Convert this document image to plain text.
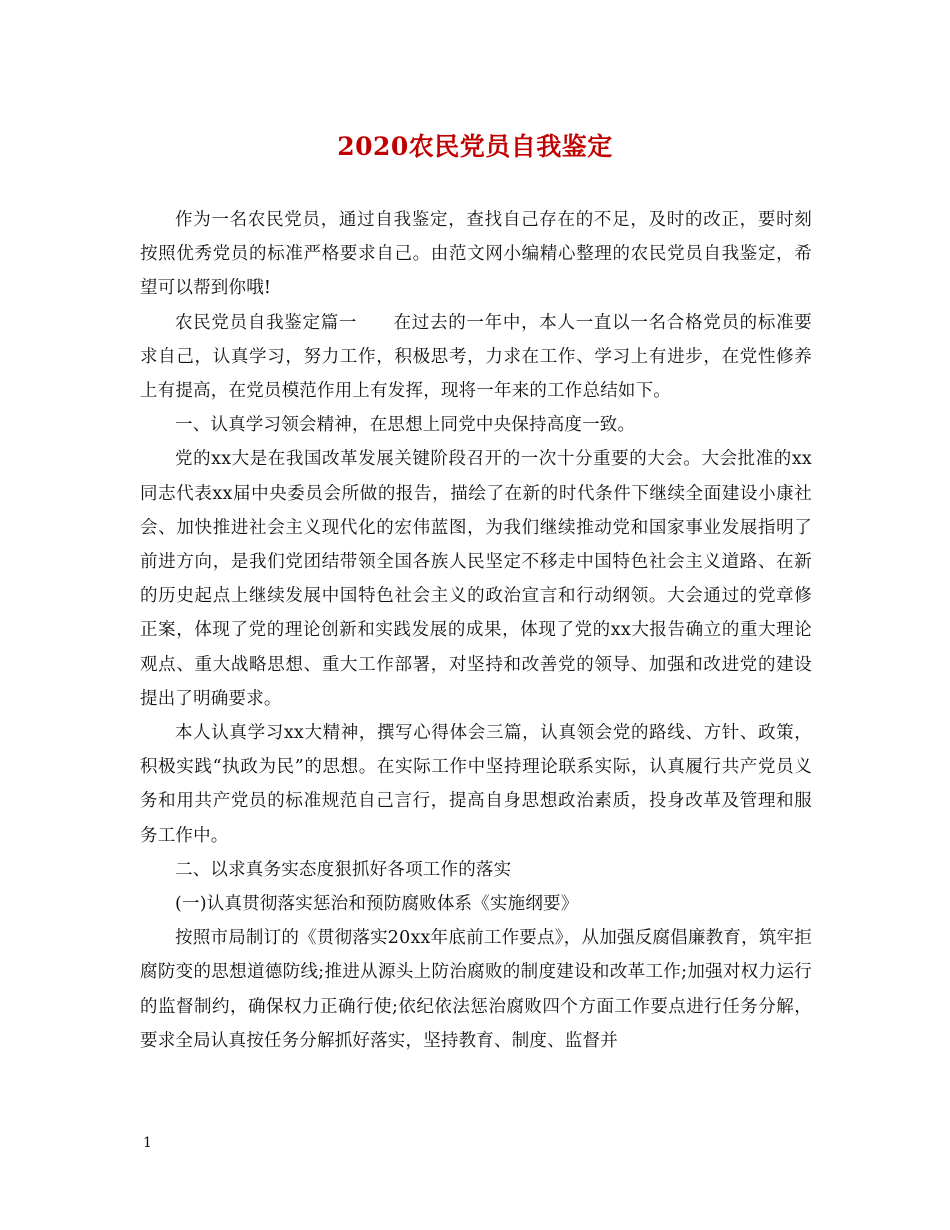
2020农民党员自我鉴定

作为一名农民党员，通过自我鉴定，查找自己存在的不足，及时的改正，要时刻按照优秀党员的标准严格要求自己。由范文网小编精心整理的农民党员自我鉴定，希望可以帮到你哦!

农民党员自我鉴定篇一　　在过去的一年中，本人一直以一名合格党员的标准要求自己，认真学习，努力工作，积极思考，力求在工作、学习上有进步，在党性修养上有提高，在党员模范作用上有发挥，现将一年来的工作总结如下。

一、认真学习领会精神，在思想上同党中央保持高度一致。

党的xx大是在我国改革发展关键阶段召开的一次十分重要的大会。大会批准的xx同志代表xx届中央委员会所做的报告，描绘了在新的时代条件下继续全面建设小康社会、加快推进社会主义现代化的宏伟蓝图，为我们继续推动党和国家事业发展指明了前进方向，是我们党团结带领全国各族人民坚定不移走中国特色社会主义道路、在新的历史起点上继续发展中国特色社会主义的政治宣言和行动纲领。大会通过的党章修正案，体现了党的理论创新和实践发展的成果，体现了党的xx大报告确立的重大理论观点、重大战略思想、重大工作部署，对坚持和改善党的领导、加强和改进党的建设提出了明确要求。

本人认真学习xx大精神，撰写心得体会三篇，认真领会党的路线、方针、政策，积极实践“执政为民”的思想。在实际工作中坚持理论联系实际，认真履行共产党员义务和用共产党员的标准规范自己言行，提高自身思想政治素质，投身改革及管理和服务工作中。

二、以求真务实态度狠抓好各项工作的落实

(一)认真贯彻落实惩治和预防腐败体系《实施纲要》

按照市局制订的《贯彻落实20xx年底前工作要点》，从加强反腐倡廉教育，筑牢拒腐防变的思想道德防线;推进从源头上防治腐败的制度建设和改革工作;加强对权力运行的监督制约，确保权力正确行使;依纪依法惩治腐败四个方面工作要点进行任务分解，要求全局认真按任务分解抓好落实，坚持教育、制度、监督并

1
